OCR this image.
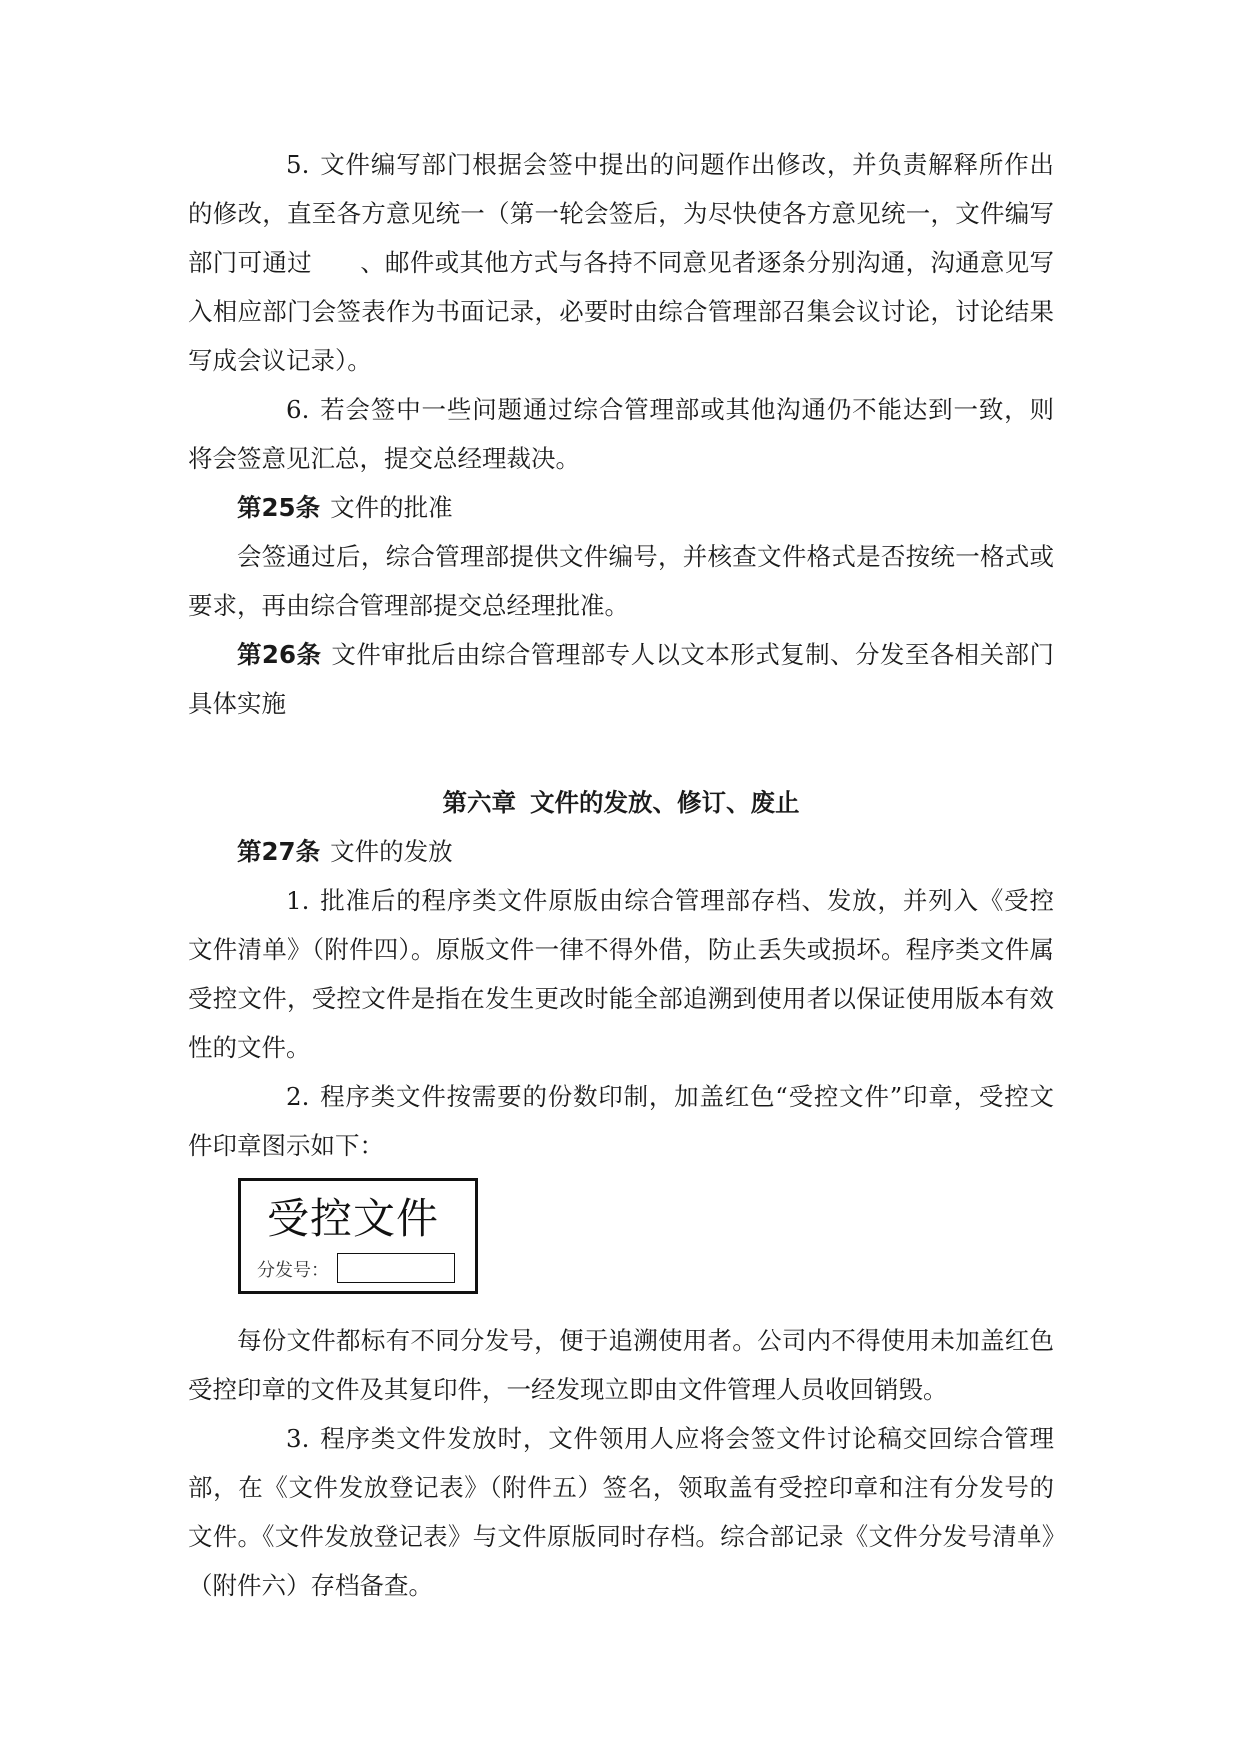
5. 文件编写部门根据会签中提出的问题作出修改，并负责解释所作出的修改，直至各方意见统一（第一轮会签后，为尽快使各方意见统一，文件编写部门可通过 、邮件或其他方式与各持不同意见者逐条分别沟通，沟通意见写入相应部门会签表作为书面记录，必要时由综合管理部召集会议讨论，讨论结果写成会议记录）。

6. 若会签中一些问题通过综合管理部或其他沟通仍不能达到一致，则将会签意见汇总，提交总经理裁决。

第25条 文件的批准

会签通过后，综合管理部提供文件编号，并核查文件格式是否按统一格式或要求，再由综合管理部提交总经理批准。

第26条 文件审批后由综合管理部专人以文本形式复制、分发至各相关部门具体实施

第六章 文件的发放、修订、废止

第27条 文件的发放

1. 批准后的程序类文件原版由综合管理部存档、发放，并列入《受控文件清单》（附件四）。原版文件一律不得外借，防止丢失或损坏。程序类文件属受控文件，受控文件是指在发生更改时能全部追溯到使用者以保证使用版本有效性的文件。

2. 程序类文件按需要的份数印制，加盖红色“受控文件”印章，受控文件印章图示如下：

受控文件
分发号：

每份文件都标有不同分发号，便于追溯使用者。公司内不得使用未加盖红色受控印章的文件及其复印件，一经发现立即由文件管理人员收回销毁。

3. 程序类文件发放时，文件领用人应将会签文件讨论稿交回综合管理部，在《文件发放登记表》（附件五）签名，领取盖有受控印章和注有分发号的文件。《文件发放登记表》与文件原版同时存档。综合部记录《文件分发号清单》（附件六）存档备查。
